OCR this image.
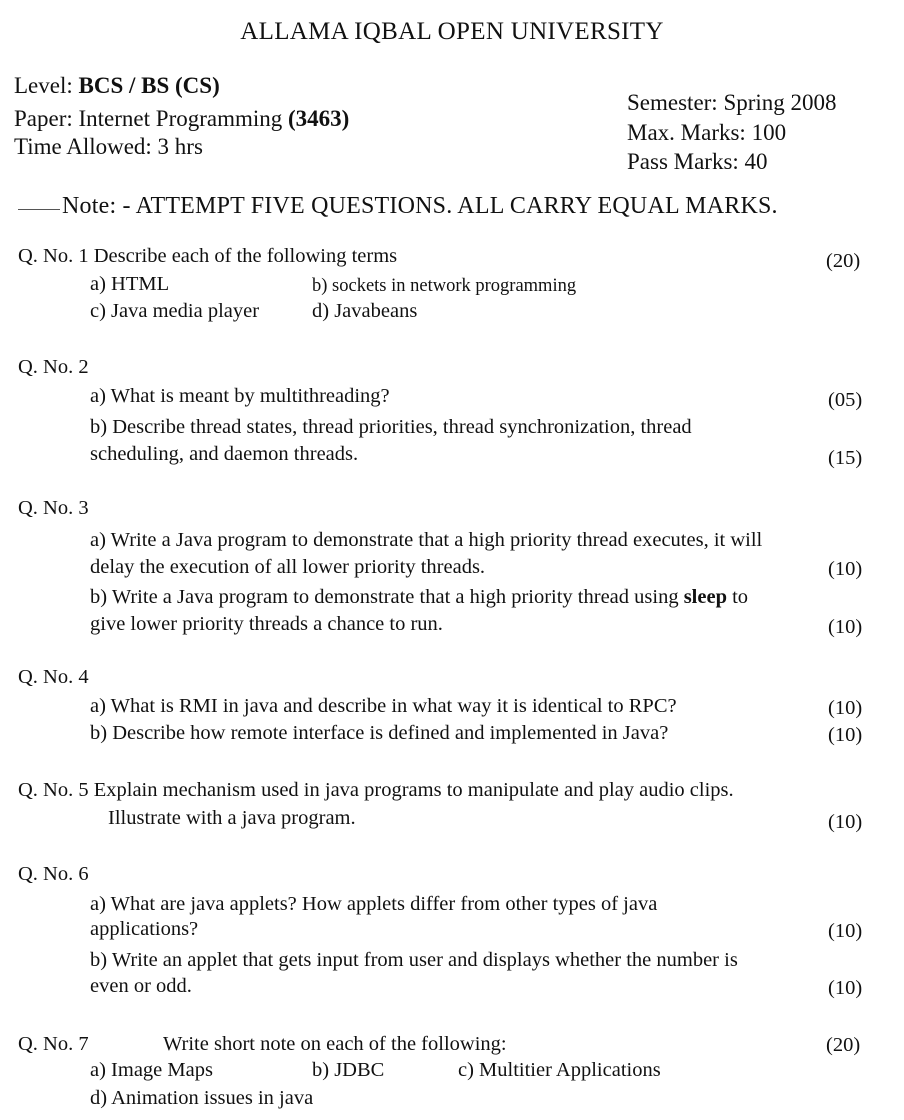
ALLAMA IQBAL OPEN UNIVERSITY
Level: BCS / BS (CS)
Paper: Internet Programming (3463)
Time Allowed: 3 hrs
Semester: Spring 2008
Max. Marks: 100
Pass Marks: 40
Note: - ATTEMPT FIVE QUESTIONS. ALL CARRY EQUAL MARKS.
Q. No. 1 Describe each of the following terms	(20)
a) HTML	b) sockets in network programming
c) Java media player	d) Javabeans
Q. No. 2
a) What is meant by multithreading?	(05)
b) Describe thread states, thread priorities, thread synchronization, thread
scheduling, and daemon threads.	(15)
Q. No. 3
a) Write a Java program to demonstrate that a high priority thread executes, it will
delay the execution of all lower priority threads.	(10)
b) Write a Java program to demonstrate that a high priority thread using sleep to
give lower priority threads a chance to run.	(10)
Q. No. 4
a) What is RMI in java and describe in what way it is identical to RPC?	(10)
b) Describe how remote interface is defined and implemented in Java?	(10)
Q. No. 5 Explain mechanism used in java programs to manipulate and play audio clips.
Illustrate with a java program.	(10)
Q. No. 6
a) What are java applets? How applets differ from other types of java
applications?	(10)
b) Write an applet that gets input from user and displays whether the number is
even or odd.	(10)
Q. No. 7	Write short note on each of the following:	(20)
a) Image Maps	b) JDBC	c) Multitier Applications
d) Animation issues in java
